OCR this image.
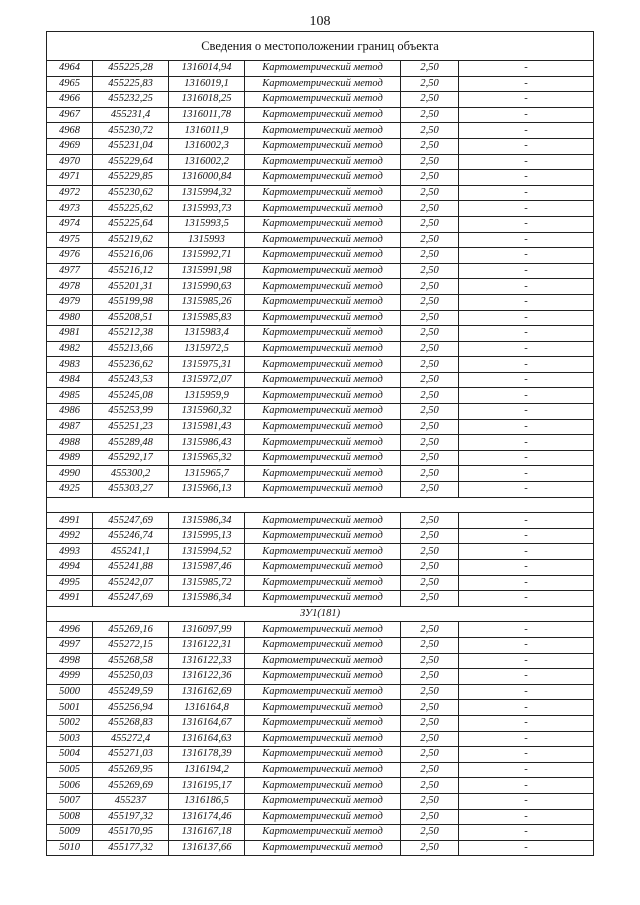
108
Сведения о местоположении границ объекта					
4964	455225,28	1316014,94	Картометрический метод	2,50	-
4965	455225,83	1316019,1	Картометрический метод	2,50	-
4966	455232,25	1316018,25	Картометрический метод	2,50	-
4967	455231,4	1316011,78	Картометрический метод	2,50	-
4968	455230,72	1316011,9	Картометрический метод	2,50	-
4969	455231,04	1316002,3	Картометрический метод	2,50	-
4970	455229,64	1316002,2	Картометрический метод	2,50	-
4971	455229,85	1316000,84	Картометрический метод	2,50	-
4972	455230,62	1315994,32	Картометрический метод	2,50	-
4973	455225,62	1315993,73	Картометрический метод	2,50	-
4974	455225,64	1315993,5	Картометрический метод	2,50	-
4975	455219,62	1315993	Картометрический метод	2,50	-
4976	455216,06	1315992,71	Картометрический метод	2,50	-
4977	455216,12	1315991,98	Картометрический метод	2,50	-
4978	455201,31	1315990,63	Картометрический метод	2,50	-
4979	455199,98	1315985,26	Картометрический метод	2,50	-
4980	455208,51	1315985,83	Картометрический метод	2,50	-
4981	455212,38	1315983,4	Картометрический метод	2,50	-
4982	455213,66	1315972,5	Картометрический метод	2,50	-
4983	455236,62	1315975,31	Картометрический метод	2,50	-
4984	455243,53	1315972,07	Картометрический метод	2,50	-
4985	455245,08	1315959,9	Картометрический метод	2,50	-
4986	455253,99	1315960,32	Картометрический метод	2,50	-
4987	455251,23	1315981,43	Картометрический метод	2,50	-
4988	455289,48	1315986,43	Картометрический метод	2,50	-
4989	455292,17	1315965,32	Картометрический метод	2,50	-
4990	455300,2	1315965,7	Картометрический метод	2,50	-
4925	455303,27	1315966,13	Картометрический метод	2,50	-

4991	455247,69	1315986,34	Картометрический метод	2,50	-
4992	455246,74	1315995,13	Картометрический метод	2,50	-
4993	455241,1	1315994,52	Картометрический метод	2,50	-
4994	455241,88	1315987,46	Картометрический метод	2,50	-
4995	455242,07	1315985,72	Картометрический метод	2,50	-
4991	455247,69	1315986,34	Картометрический метод	2,50	-
ЗУ1(181)					
4996	455269,16	1316097,99	Картометрический метод	2,50	-
4997	455272,15	1316122,31	Картометрический метод	2,50	-
4998	455268,58	1316122,33	Картометрический метод	2,50	-
4999	455250,03	1316122,36	Картометрический метод	2,50	-
5000	455249,59	1316162,69	Картометрический метод	2,50	-
5001	455256,94	1316164,8	Картометрический метод	2,50	-
5002	455268,83	1316164,67	Картометрический метод	2,50	-
5003	455272,4	1316164,63	Картометрический метод	2,50	-
5004	455271,03	1316178,39	Картометрический метод	2,50	-
5005	455269,95	1316194,2	Картометрический метод	2,50	-
5006	455269,69	1316195,17	Картометрический метод	2,50	-
5007	455237	1316186,5	Картометрический метод	2,50	-
5008	455197,32	1316174,46	Картометрический метод	2,50	-
5009	455170,95	1316167,18	Картометрический метод	2,50	-
5010	455177,32	1316137,66	Картометрический метод	2,50	-
